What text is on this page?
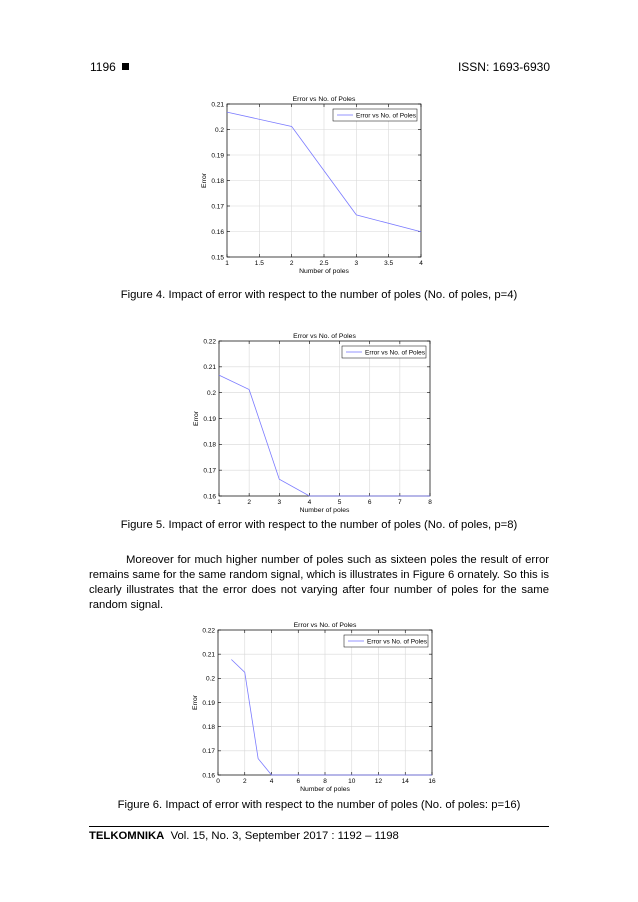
1196	ISSN: 1693-6930
1	1.5	2	2.5	3	3.5	4
0.15
0.16
0.17
0.18
0.19
0.2
0.21
Error vs No. of Poles
Number of poles
Error
Error vs No. of Poles
Figure 4. Impact of error with respect to the number of poles (No. of poles, p=4)
1	2	3	4	5	6	7	8
0.16
0.17
0.18
0.19
0.2
0.21
0.22
Error vs No. of Poles
Number of poles
Error
Error vs No. of Poles
Figure 5. Impact of error with respect to the number of poles (No. of poles, p=8)
Moreover for much higher number of poles such as sixteen poles the result of error remains same for the same random signal, which is illustrates in Figure 6 ornately. So this is clearly illustrates that the error does not varying after four number of poles for the same random signal.
0	2	4	6	8	10	12	14	16
0.16
0.17
0.18
0.19
0.2
0.21
0.22
Error vs No. of Poles
Number of poles
Error
Error vs No. of Poles
Figure 6. Impact of error with respect to the number of poles (No. of poles: p=16)
TELKOMNIKA Vol. 15, No. 3, September 2017 : 1192 – 1198
